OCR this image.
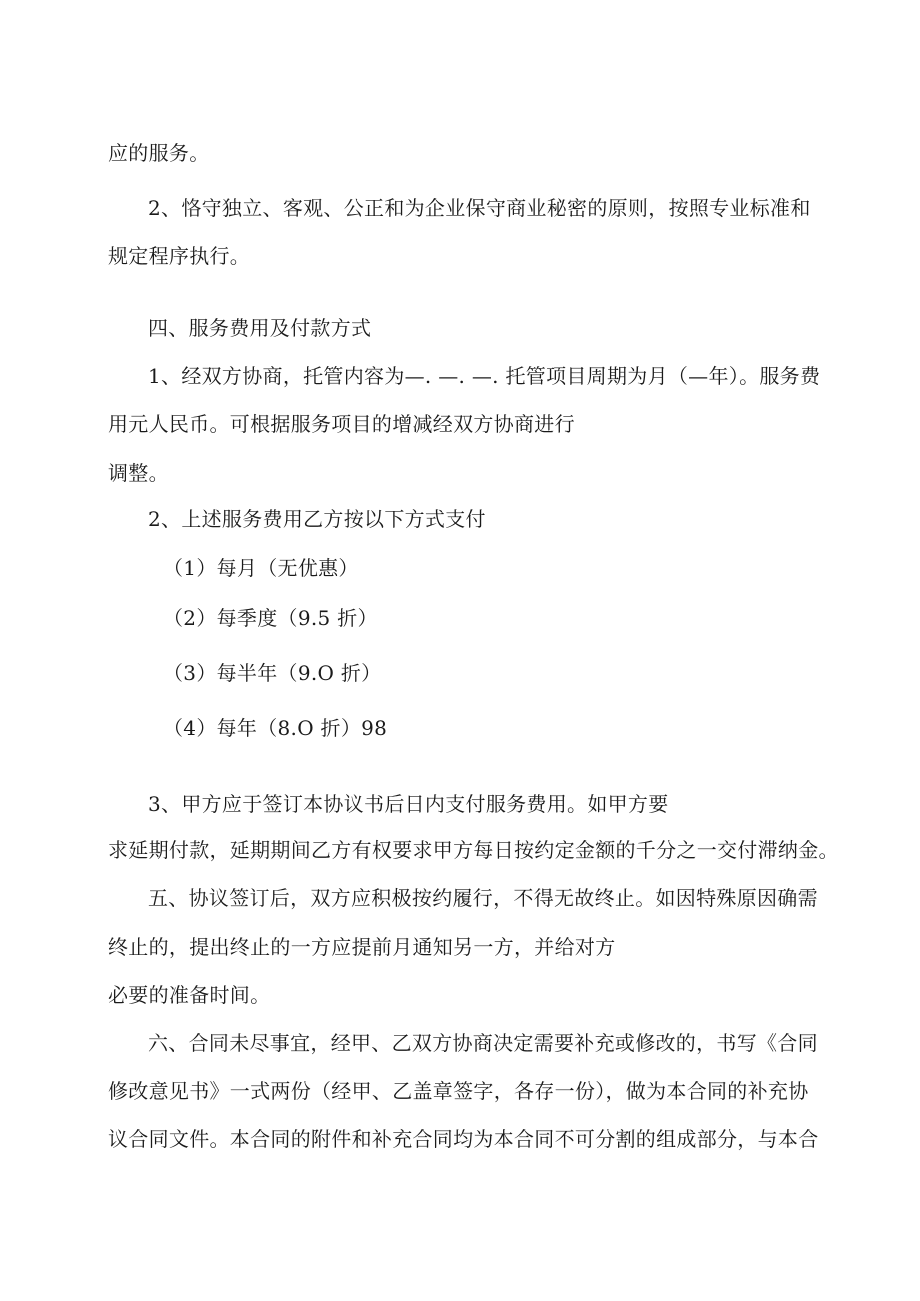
应的服务。
2、恪守独立、客观、公正和为企业保守商业秘密的原则，按照专业标准和
规定程序执行。
四、服务费用及付款方式
1、经双方协商，托管内容为—. —. —. 托管项目周期为月（—年）。服务费
用元人民币。可根据服务项目的增减经双方协商进行
调整。
2、上述服务费用乙方按以下方式支付
（1）每月（无优惠）
（2）每季度（9.5 折）
（3）每半年（9.O 折）
（4）每年（8.O 折）98
3、甲方应于签订本协议书后日内支付服务费用。如甲方要
求延期付款，延期期间乙方有权要求甲方每日按约定金额的千分之一交付滞纳金。
五、协议签订后，双方应积极按约履行，不得无故终止。如因特殊原因确需
终止的，提出终止的一方应提前月通知另一方，并给对方
必要的准备时间。
六、合同未尽事宜，经甲、乙双方协商决定需要补充或修改的，书写《合同
修改意见书》一式两份（经甲、乙盖章签字，各存一份），做为本合同的补充协
议合同文件。本合同的附件和补充合同均为本合同不可分割的组成部分，与本合
